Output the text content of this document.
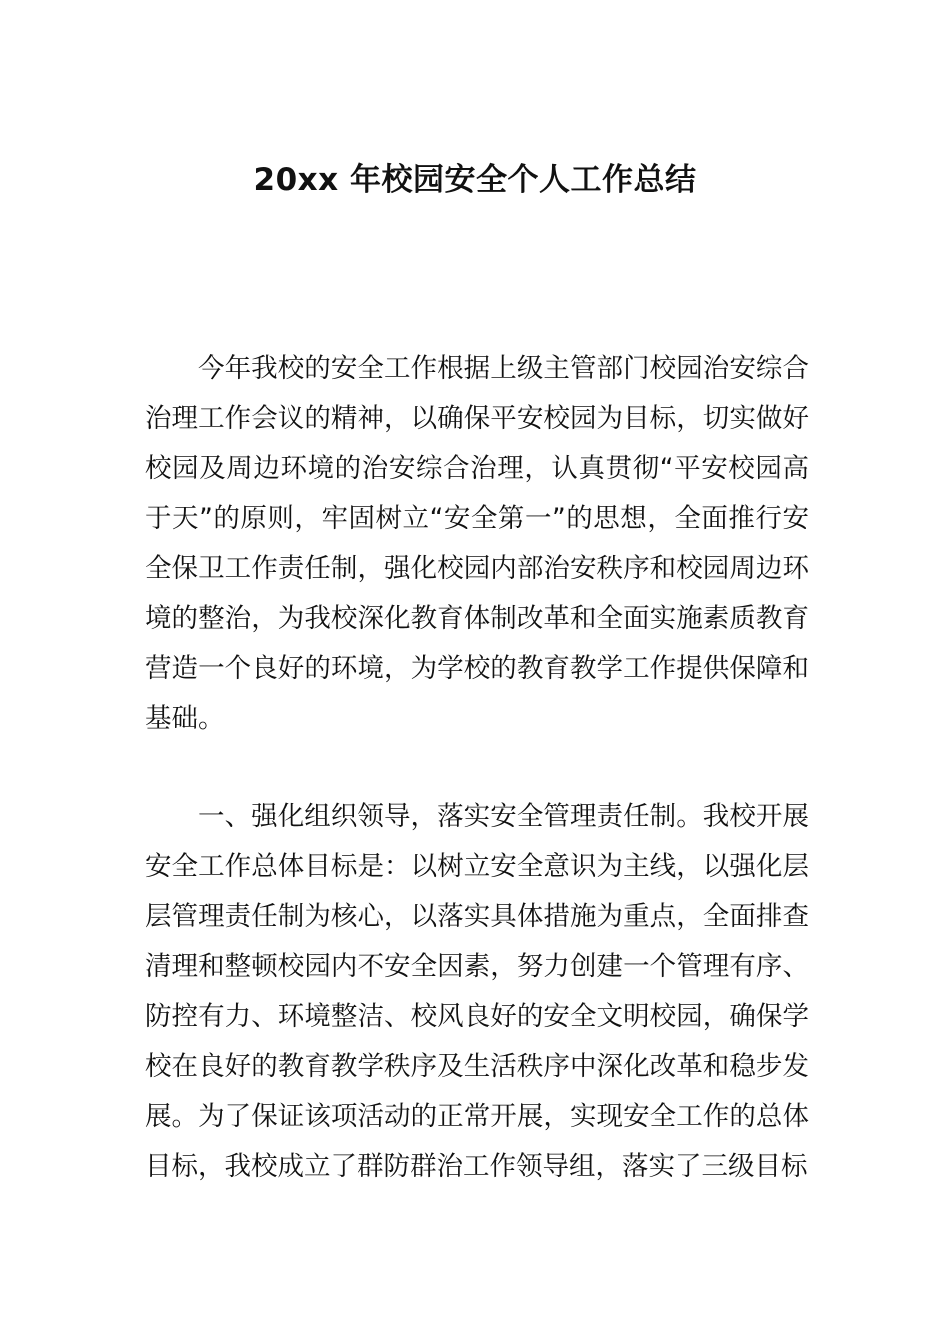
20xx 年校园安全个人工作总结

今年我校的安全工作根据上级主管部门校园治安综合治理工作会议的精神，以确保平安校园为目标，切实做好校园及周边环境的治安综合治理，认真贯彻“平安校园高于天”的原则，牢固树立“安全第一”的思想，全面推行安全保卫工作责任制，强化校园内部治安秩序和校园周边环境的整治，为我校深化教育体制改革和全面实施素质教育营造一个良好的环境，为学校的教育教学工作提供保障和基础。

一、强化组织领导，落实安全管理责任制。我校开展安全工作总体目标是：以树立安全意识为主线，以强化层层管理责任制为核心，以落实具体措施为重点，全面排查清理和整顿校园内不安全因素，努力创建一个管理有序、防控有力、环境整洁、校风良好的安全文明校园，确保学校在良好的教育教学秩序及生活秩序中深化改革和稳步发展。为了保证该项活动的正常开展，实现安全工作的总体目标，我校成立了群防群治工作领导组，落实了三级目标
